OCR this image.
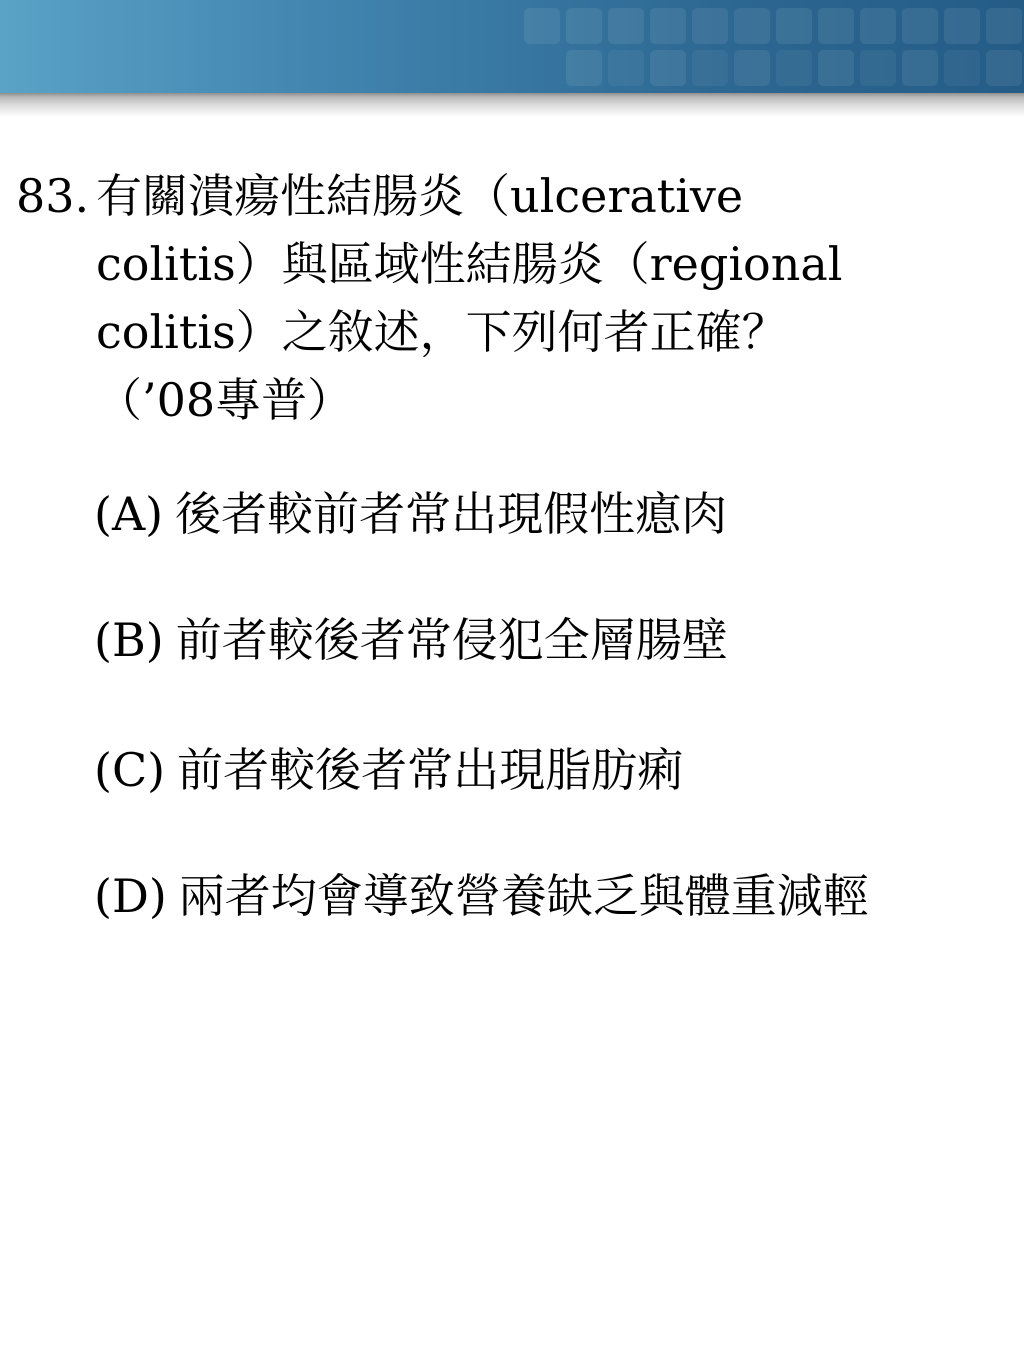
83. 有關潰瘍性結腸炎（ulcerative
colitis）與區域性結腸炎（regional
colitis）之敘述，下列何者正確？
（’08專普）
(A) 後者較前者常出現假性瘜肉
(B) 前者較後者常侵犯全層腸壁
(C) 前者較後者常出現脂肪痢
(D) 兩者均會導致營養缺乏與體重減輕
